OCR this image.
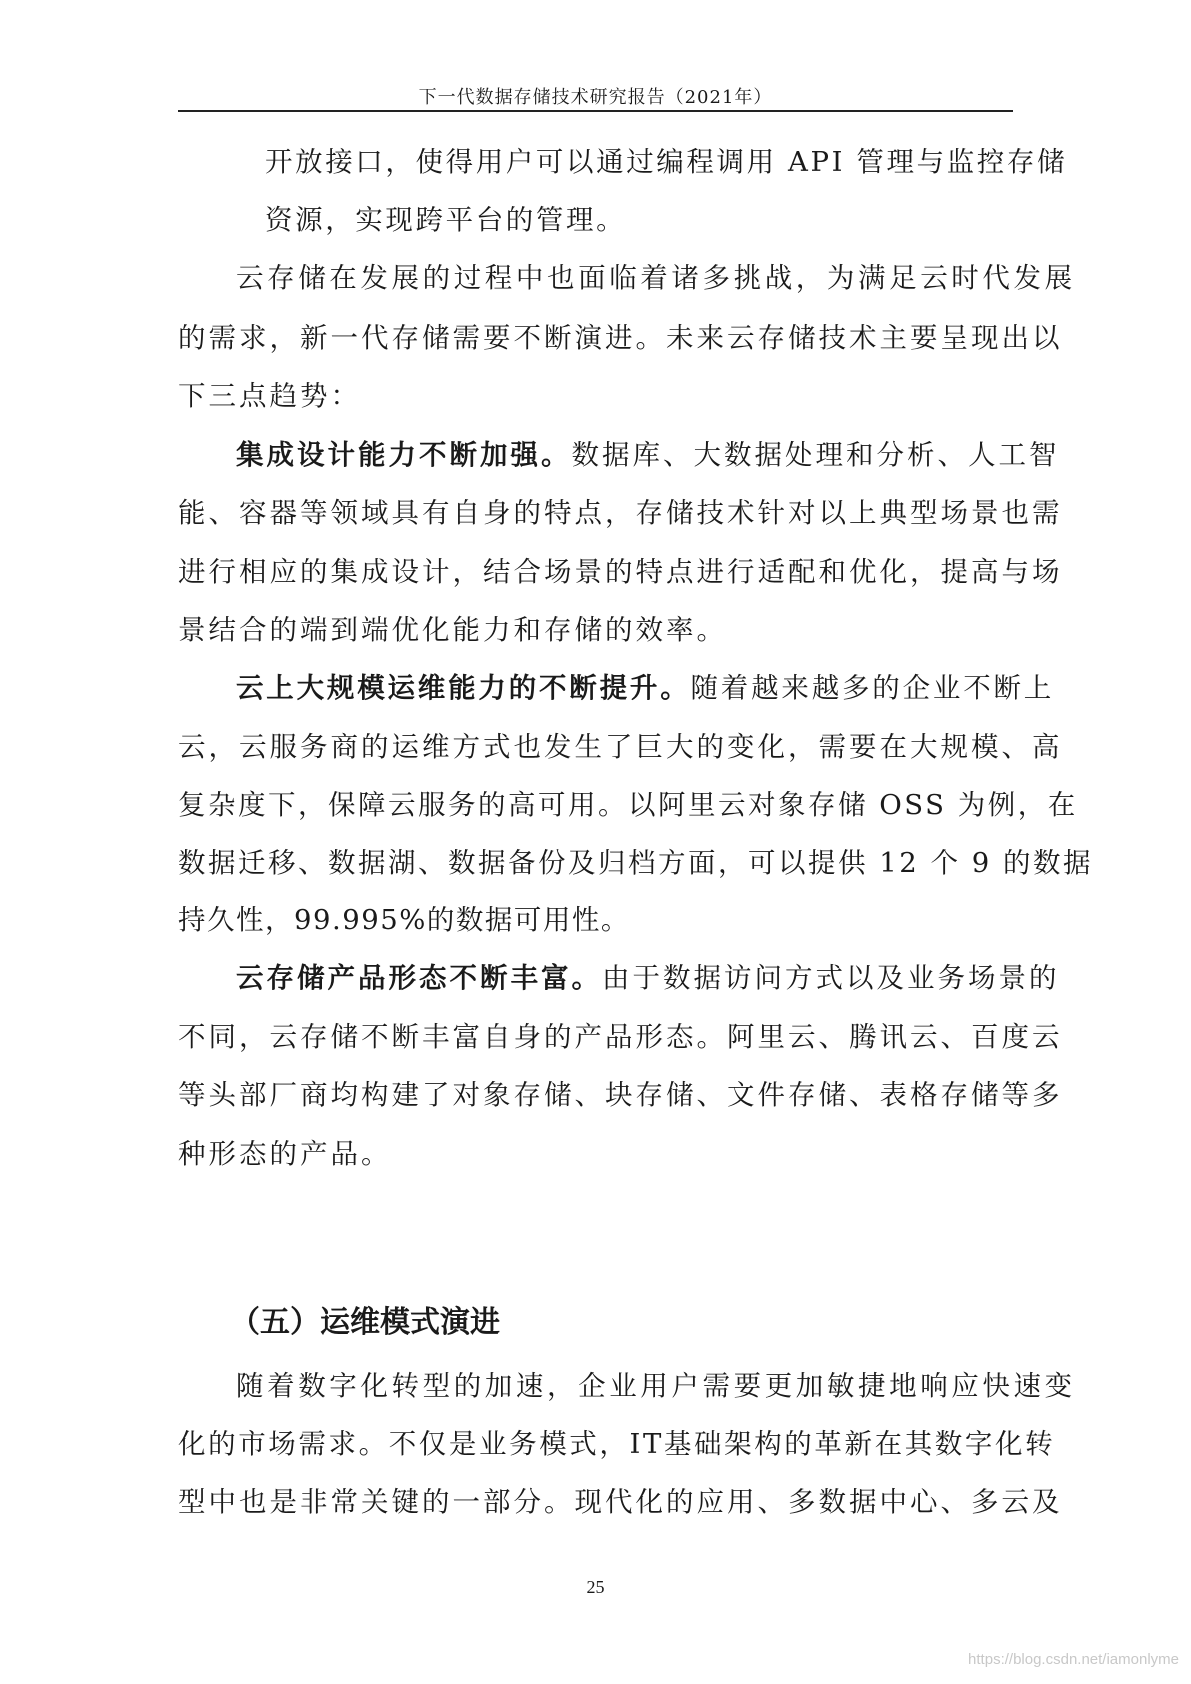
下一代数据存储技术研究报告（2021年）
开放接口，使得用户可以通过编程调用 API 管理与监控存储
资源，实现跨平台的管理。
云存储在发展的过程中也面临着诸多挑战，为满足云时代发展
的需求，新一代存储需要不断演进。未来云存储技术主要呈现出以
下三点趋势：
集成设计能力不断加强。数据库、大数据处理和分析、人工智
能、容器等领域具有自身的特点，存储技术针对以上典型场景也需
进行相应的集成设计，结合场景的特点进行适配和优化，提高与场
景结合的端到端优化能力和存储的效率。
云上大规模运维能力的不断提升。随着越来越多的企业不断上
云，云服务商的运维方式也发生了巨大的变化，需要在大规模、高
复杂度下，保障云服务的高可用。以阿里云对象存储 OSS 为例，在
数据迁移、数据湖、数据备份及归档方面，可以提供 12 个 9 的数据
持久性，99.995%的数据可用性。
云存储产品形态不断丰富。由于数据访问方式以及业务场景的
不同，云存储不断丰富自身的产品形态。阿里云、腾讯云、百度云
等头部厂商均构建了对象存储、块存储、文件存储、表格存储等多
种形态的产品。
（五）运维模式演进
随着数字化转型的加速，企业用户需要更加敏捷地响应快速变
化的市场需求。不仅是业务模式，IT基础架构的革新在其数字化转
型中也是非常关键的一部分。现代化的应用、多数据中心、多云及
25
https://blog.csdn.net/iamonlyme
